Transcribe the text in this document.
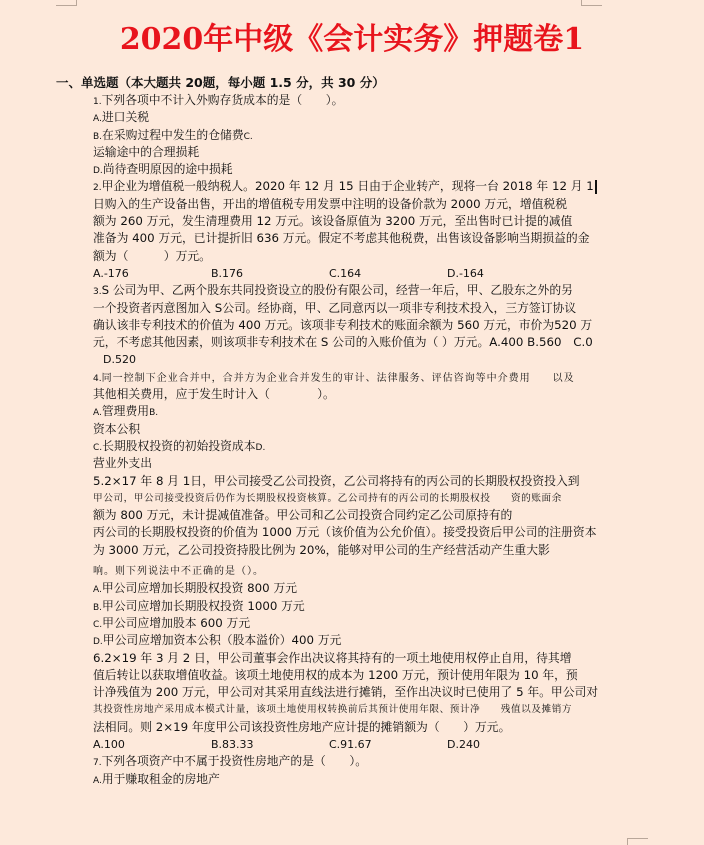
2020年中级《会计实务》押题卷1
一、单选题（本大题共 20题，每小题 1.5 分，共 30 分）
1.下列各项中不计入外购存货成本的是（　　）。
A.进口关税
B.在采购过程中发生的仓储费C.
运输途中的合理损耗
D.尚待查明原因的途中损耗
2.甲企业为增值税一般纳税人。2020 年 12 月 15 日由于企业转产，现将一台 2018 年 12 月 1
日购入的生产设备出售，开出的增值税专用发票中注明的设备价款为 2000 万元，增值税税
额为 260 万元，发生清理费用 12 万元。该设备原值为 3200 万元，至出售时已计提的减值
准备为 400 万元，已计提折旧 636 万元。假定不考虑其他税费，出售该设备影响当期损益的金
额为（　　　）万元。
A.-176	B.176	C.164	D.-164
3.S 公司为甲、乙两个股东共同投资设立的股份有限公司，经营一年后，甲、乙股东之外的另
一个投资者丙意图加入 S公司。经协商，甲、乙同意丙以一项非专利技术投入，三方签订协议
确认该非专利技术的价值为 400 万元。该项非专利技术的账面余额为 560 万元，市价为520 万
元，不考虑其他因素，则该项非专利技术在 S 公司的入账价值为（ ）万元。A.400 B.560　C.0
D.520
4.同一控制下企业合并中，合并方为企业合并发生的审计、法律服务、评估咨询等中介费用　　以及
其他相关费用，应于发生时计入（　　　　）。
A.管理费用B.
资本公积
C.长期股权投资的初始投资成本D.
营业外支出
5.2×17 年 8 月 1日，甲公司接受乙公司投资，乙公司将持有的丙公司的长期股权投资投入到
甲公司，甲公司接受投资后仍作为长期股权投资核算。乙公司持有的丙公司的长期股权投　　资的账面余
额为 800 万元，未计提减值准备。甲公司和乙公司投资合同约定乙公司原持有的
丙公司的长期股权投资的价值为 1000 万元（该价值为公允价值）。接受投资后甲公司的注册资本
为 3000 万元，乙公司投资持股比例为 20%，能够对甲公司的生产经营活动产生重大影
响。则下列说法中不正确的是（）。
A.甲公司应增加长期股权投资 800 万元
B.甲公司应增加长期股权投资 1000 万元
C.甲公司应增加股本 600 万元
D.甲公司应增加资本公积（股本溢价）400 万元
6.2×19 年 3 月 2 日，甲公司董事会作出决议将其持有的一项土地使用权停止自用，待其增
值后转让以获取增值收益。该项土地使用权的成本为 1200 万元，预计使用年限为 10 年，预
计净残值为 200 万元，甲公司对其采用直线法进行摊销，至作出决议时已使用了 5 年。甲公司对
其投资性房地产采用成本模式计量，该项土地使用权转换前后其预计使用年限、预计净　　残值以及摊销方
法相同。则 2×19 年度甲公司该投资性房地产应计提的摊销额为（　　）万元。
A.100	B.83.33	C.91.67	D.240
7.下列各项资产中不属于投资性房地产的是（　　）。
A.用于赚取租金的房地产
